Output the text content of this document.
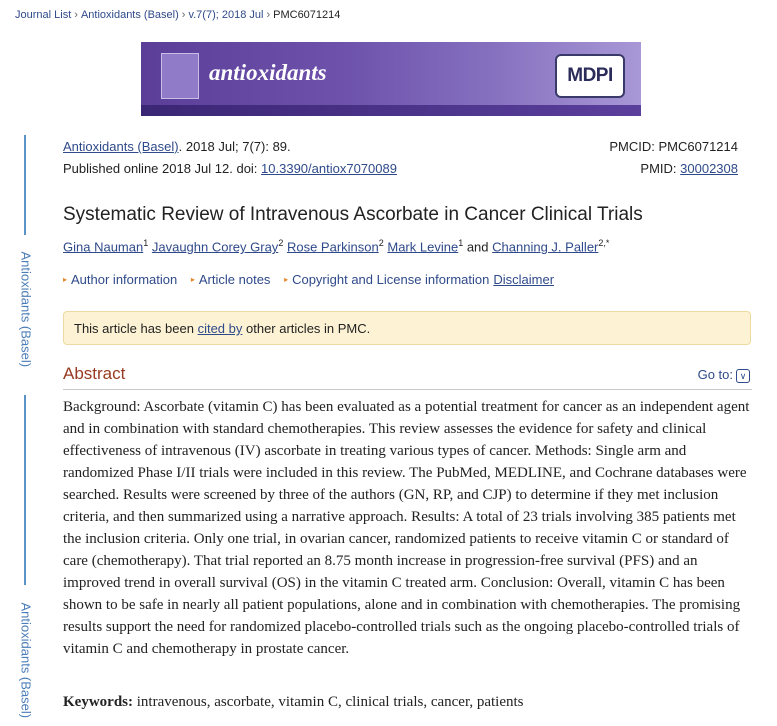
Journal List › Antioxidants (Basel) › v.7(7); 2018 Jul › PMC6071214
antioxidants	MDPI
Antioxidants (Basel)
Antioxidants (Basel)
Antioxidants (Basel). 2018 Jul; 7(7): 89.
Published online 2018 Jul 12. doi: 10.3390/antiox7070089
PMCID: PMC6071214
PMID: 30002308
Systematic Review of Intravenous Ascorbate in Cancer Clinical Trials
Gina Nauman$^1$ Javaughn Corey Gray$^2$ Rose Parkinson$^2$ Mark Levine$^1$ and Channing J. Paller$^{2,*}$
▸ Author information ▸ Article notes ▸ Copyright and License information Disclaimer
This article has been cited by other articles in PMC.
Abstract	Go to: ∨

Background: Ascorbate (vitamin C) has been evaluated as a potential treatment for cancer as an independent agent and in combination with standard chemotherapies. This review assesses the evidence for safety and clinical effectiveness of intravenous (IV) ascorbate in treating various types of cancer. Methods: Single arm and randomized Phase I/II trials were included in this review. The PubMed, MEDLINE, and Cochrane databases were searched. Results were screened by three of the authors (GN, RP, and CJP) to determine if they met inclusion criteria, and then summarized using a narrative approach. Results: A total of 23 trials involving 385 patients met the inclusion criteria. Only one trial, in ovarian cancer, randomized patients to receive vitamin C or standard of care (chemotherapy). That trial reported an 8.75 month increase in progression-free survival (PFS) and an improved trend in overall survival (OS) in the vitamin C treated arm. Conclusion: Overall, vitamin C has been shown to be safe in nearly all patient populations, alone and in combination with chemotherapies. The promising results support the need for randomized placebo-controlled trials such as the ongoing placebo-controlled trials of vitamin C and chemotherapy in prostate cancer.

Keywords: intravenous, ascorbate, vitamin C, clinical trials, cancer, patients
